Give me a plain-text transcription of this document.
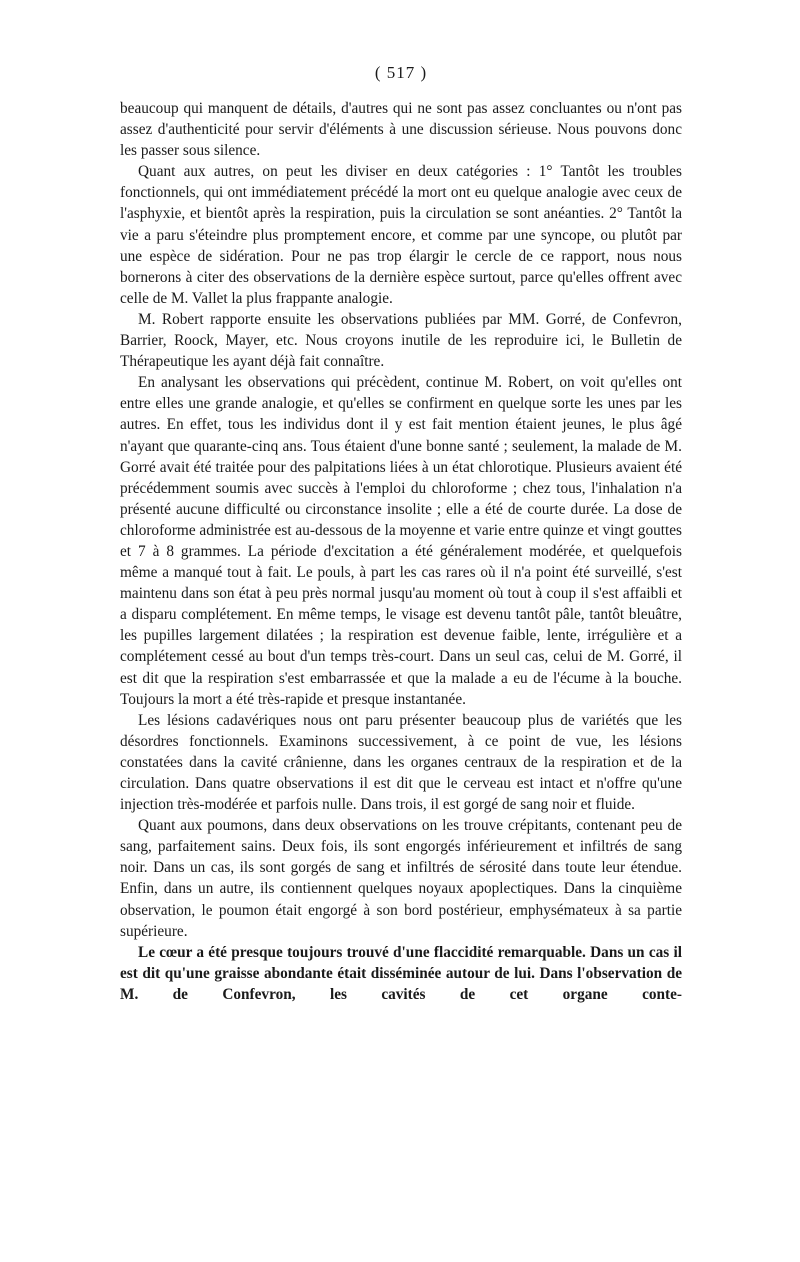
( 517 )

beaucoup qui manquent de détails, d'autres qui ne sont pas assez concluantes ou n'ont pas assez d'authenticité pour servir d'éléments à une discussion sérieuse. Nous pouvons donc les passer sous silence.

Quant aux autres, on peut les diviser en deux catégories : 1° Tantôt les troubles fonctionnels, qui ont immédiatement précédé la mort ont eu quelque analogie avec ceux de l'asphyxie, et bientôt après la respiration, puis la circulation se sont anéanties. 2° Tantôt la vie a paru s'éteindre plus promptement encore, et comme par une syncope, ou plutôt par une espèce de sidération. Pour ne pas trop élargir le cercle de ce rapport, nous nous bornerons à citer des observations de la dernière espèce surtout, parce qu'elles offrent avec celle de M. Vallet la plus frappante analogie.

M. Robert rapporte ensuite les observations publiées par MM. Gorré, de Confevron, Barrier, Roock, Mayer, etc. Nous croyons inutile de les reproduire ici, le Bulletin de Thérapeutique les ayant déjà fait connaître.

En analysant les observations qui précèdent, continue M. Robert, on voit qu'elles ont entre elles une grande analogie, et qu'elles se confirment en quelque sorte les unes par les autres. En effet, tous les individus dont il y est fait mention étaient jeunes, le plus âgé n'ayant que quarante-cinq ans. Tous étaient d'une bonne santé ; seulement, la malade de M. Gorré avait été traitée pour des palpitations liées à un état chlorotique. Plusieurs avaient été précédemment soumis avec succès à l'emploi du chloroforme ; chez tous, l'inhalation n'a présenté aucune difficulté ou circonstance insolite ; elle a été de courte durée. La dose de chloroforme administrée est au-dessous de la moyenne et varie entre quinze et vingt gouttes et 7 à 8 grammes. La période d'excitation a été généralement modérée, et quelquefois même a manqué tout à fait. Le pouls, à part les cas rares où il n'a point été surveillé, s'est maintenu dans son état à peu près normal jusqu'au moment où tout à coup il s'est affaibli et a disparu complétement. En même temps, le visage est devenu tantôt pâle, tantôt bleuâtre, les pupilles largement dilatées ; la respiration est devenue faible, lente, irrégulière et a complétement cessé au bout d'un temps très-court. Dans un seul cas, celui de M. Gorré, il est dit que la respiration s'est embarrassée et que la malade a eu de l'écume à la bouche. Toujours la mort a été très-rapide et presque instantanée.

Les lésions cadavériques nous ont paru présenter beaucoup plus de variétés que les désordres fonctionnels. Examinons successivement, à ce point de vue, les lésions constatées dans la cavité crânienne, dans les organes centraux de la respiration et de la circulation. Dans quatre observations il est dit que le cerveau est intact et n'offre qu'une injection très-modérée et parfois nulle. Dans trois, il est gorgé de sang noir et fluide.

Quant aux poumons, dans deux observations on les trouve crépitants, contenant peu de sang, parfaitement sains. Deux fois, ils sont engorgés inférieurement et infiltrés de sang noir. Dans un cas, ils sont gorgés de sang et infiltrés de sérosité dans toute leur étendue. Enfin, dans un autre, ils contiennent quelques noyaux apoplectiques. Dans la cinquième observation, le poumon était engorgé à son bord postérieur, emphysémateux à sa partie supérieure.

Le cœur a été presque toujours trouvé d'une flaccidité remarquable. Dans un cas il est dit qu'une graisse abondante était disséminée autour de lui. Dans l'observation de M. de Confevron, les cavités de cet organe conte-
